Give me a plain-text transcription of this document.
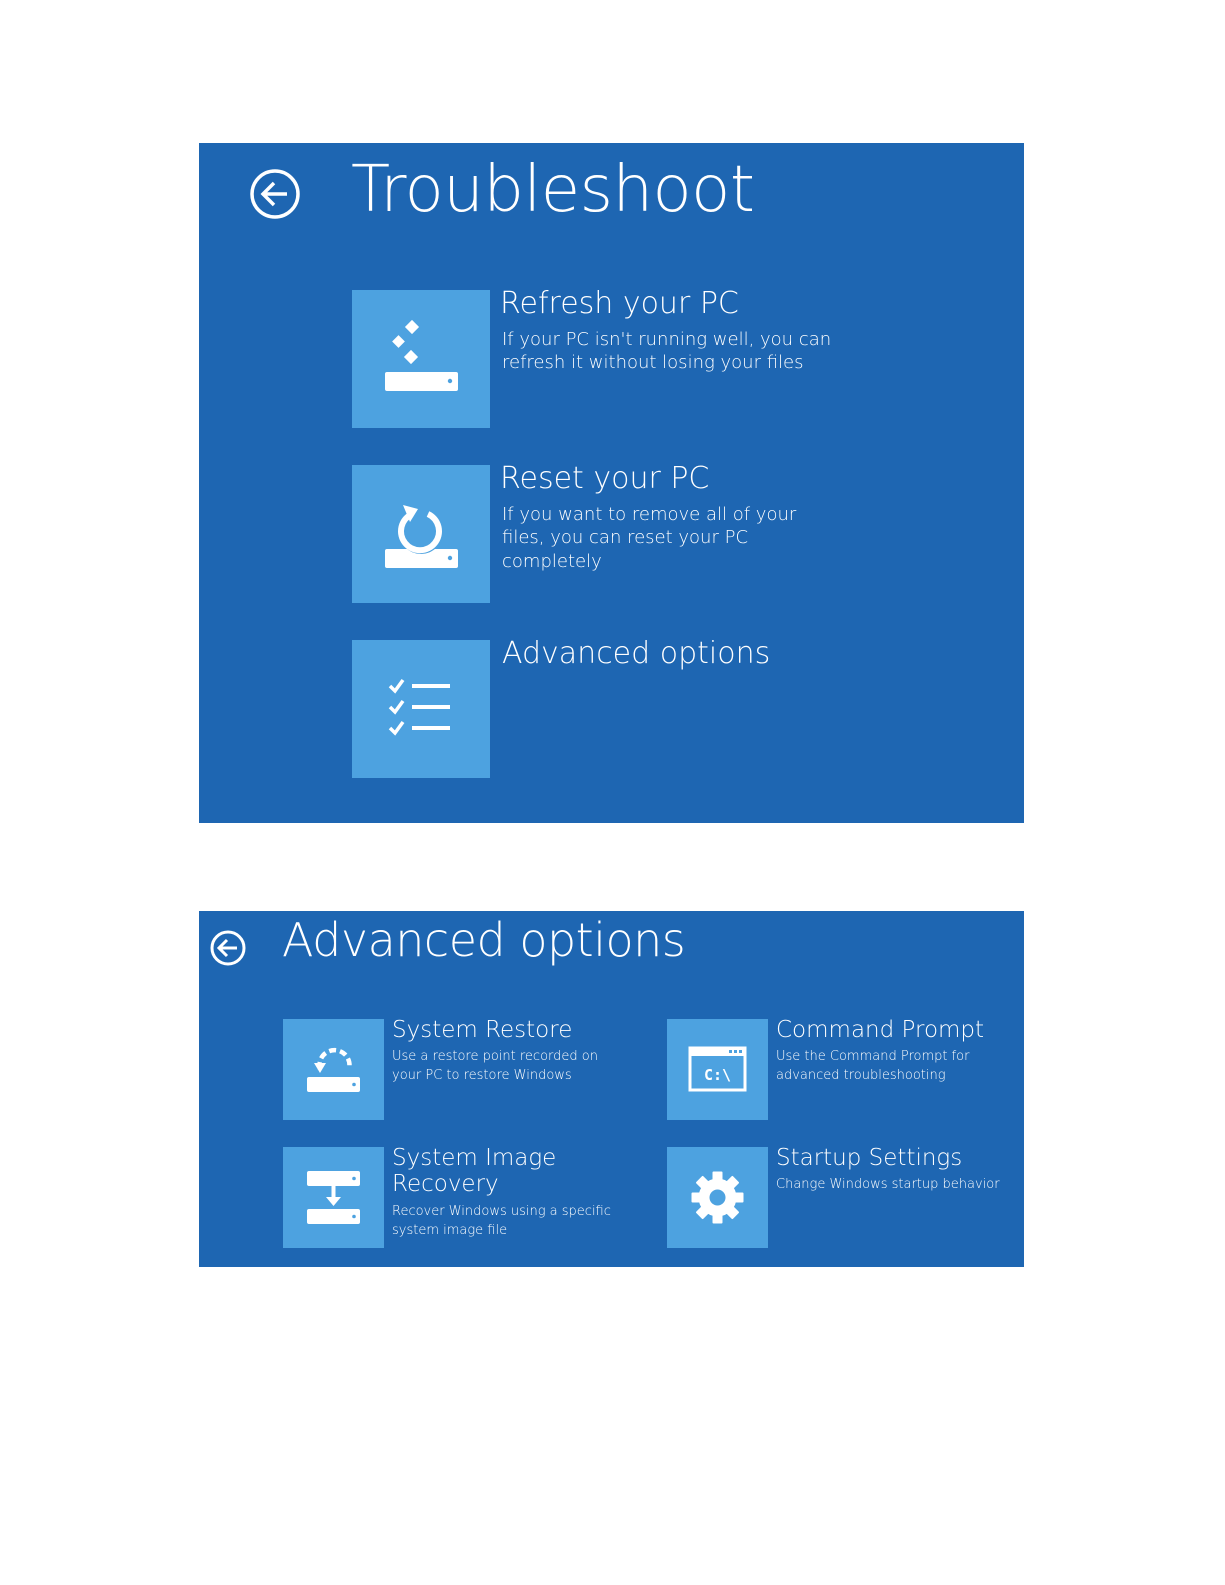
Troubleshoot
Refresh your PC
If your PC isn't running well, you can refresh it without losing your files
Reset your PC
If you want to remove all of your files, you can reset your PC completely
Advanced options
Advanced options
System Restore
Use a restore point recorded on your PC to restore Windows	C:\
Command Prompt
Use the Command Prompt for advanced troubleshooting
System Image
Recovery
Recover Windows using a specific system image file
Startup Settings
Change Windows startup behavior
